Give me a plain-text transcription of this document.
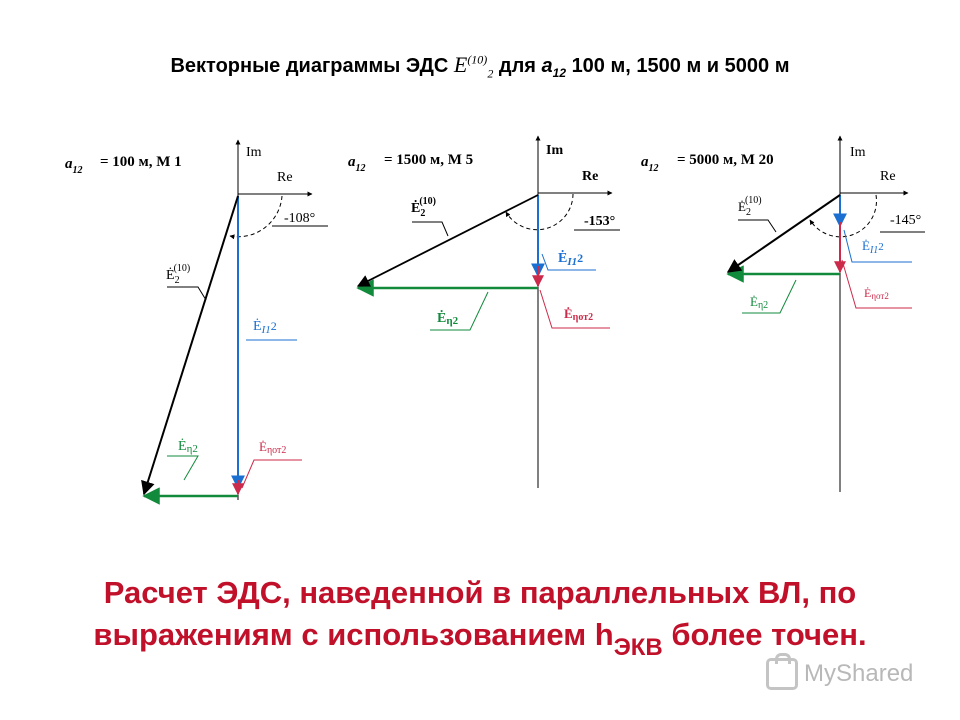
Векторные диаграммы ЭДС $E^{(10)}_2$ для $a_{12}$ 100 м, 1500 м и 5000 м
$a_{12}$
= 100 м, M 1
Im
Re
-108°
$Ė_2(10)$
$Ė_{I1}2$
Ėη2	Ėηот2
$a_{12}$
= 1500 м, M 5
Im
Re
-153°
$Ė_2(10)$
$Ė_{I1}2$
Ėη2	Ėηот2
$a_{12}$
= 5000 м, M 20	Im
Re
-145°
$Ė_2(10)$
$Ė_{I1}^2$
Ėη2
Ėηот2
Расчет ЭДС, наведенной в параллельных ВЛ, по
выражениям с использованием $h_{ЭКВ}$ более точен.
MyShared
